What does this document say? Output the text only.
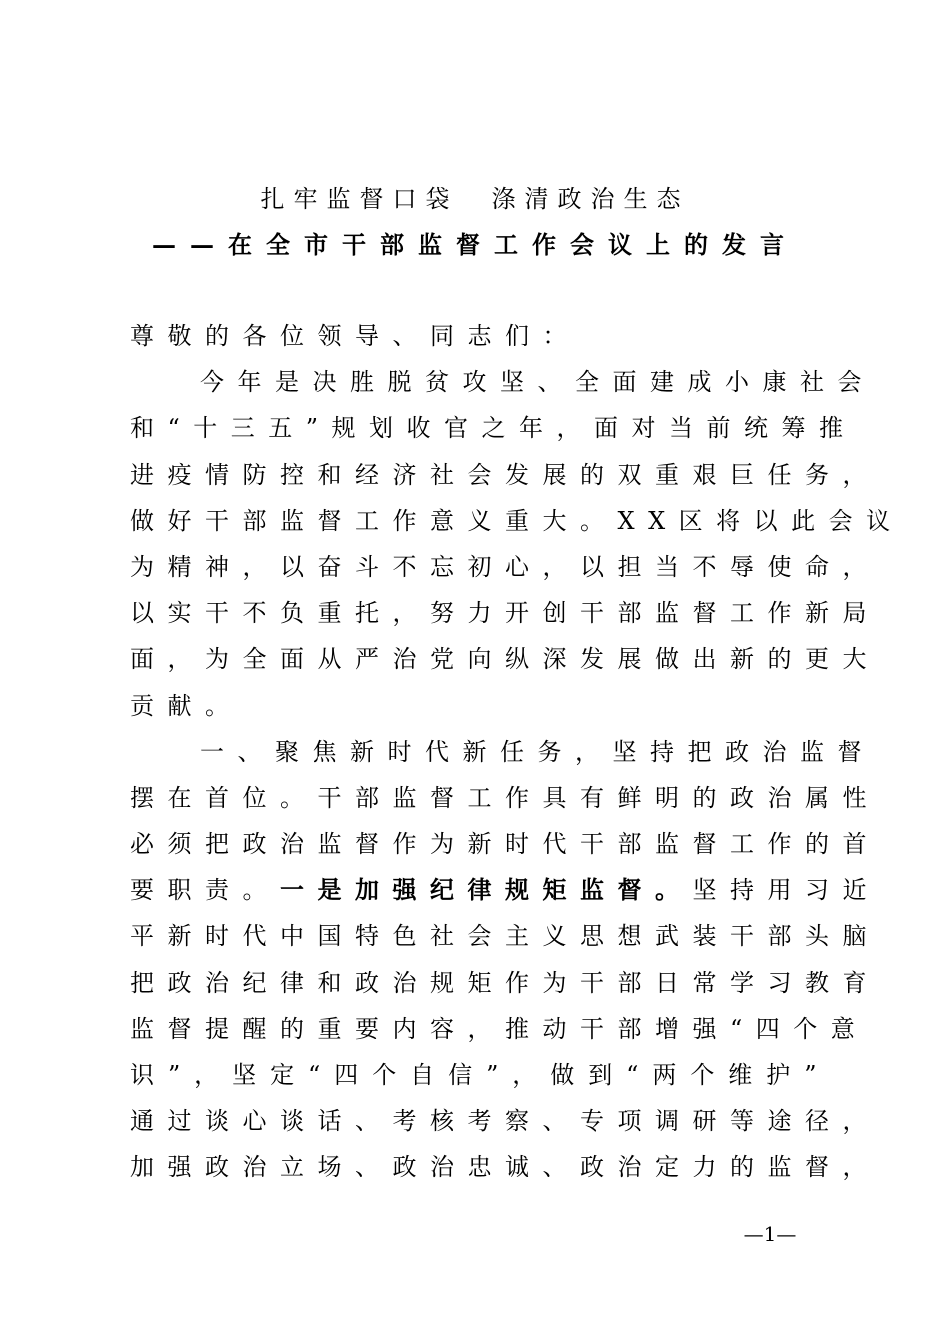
扎牢监督口袋　涤清政治生态
——在全市干部监督工作会议上的发言
尊敬的各位领导、同志们：
今年是决胜脱贫攻坚、全面建成小康社会
和“十三五”规划收官之年，面对当前统筹推
进疫情防控和经济社会发展的双重艰巨任务，
做好干部监督工作意义重大。XX区将以此会议
为精神，以奋斗不忘初心，以担当不辱使命，
以实干不负重托，努力开创干部监督工作新局
面，为全面从严治党向纵深发展做出新的更大
贡献。
一、聚焦新时代新任务，坚持把政治监督
摆在首位。干部监督工作具有鲜明的政治属性
必须把政治监督作为新时代干部监督工作的首
要职责。一是加强纪律规矩监督。坚持用习近
平新时代中国特色社会主义思想武装干部头脑
把政治纪律和政治规矩作为干部日常学习教育
监督提醒的重要内容，推动干部增强“四个意
识”，坚定“四个自信”，做到“两个维护”
通过谈心谈话、考核考察、专项调研等途径，
加强政治立场、政治忠诚、政治定力的监督，
—1—
